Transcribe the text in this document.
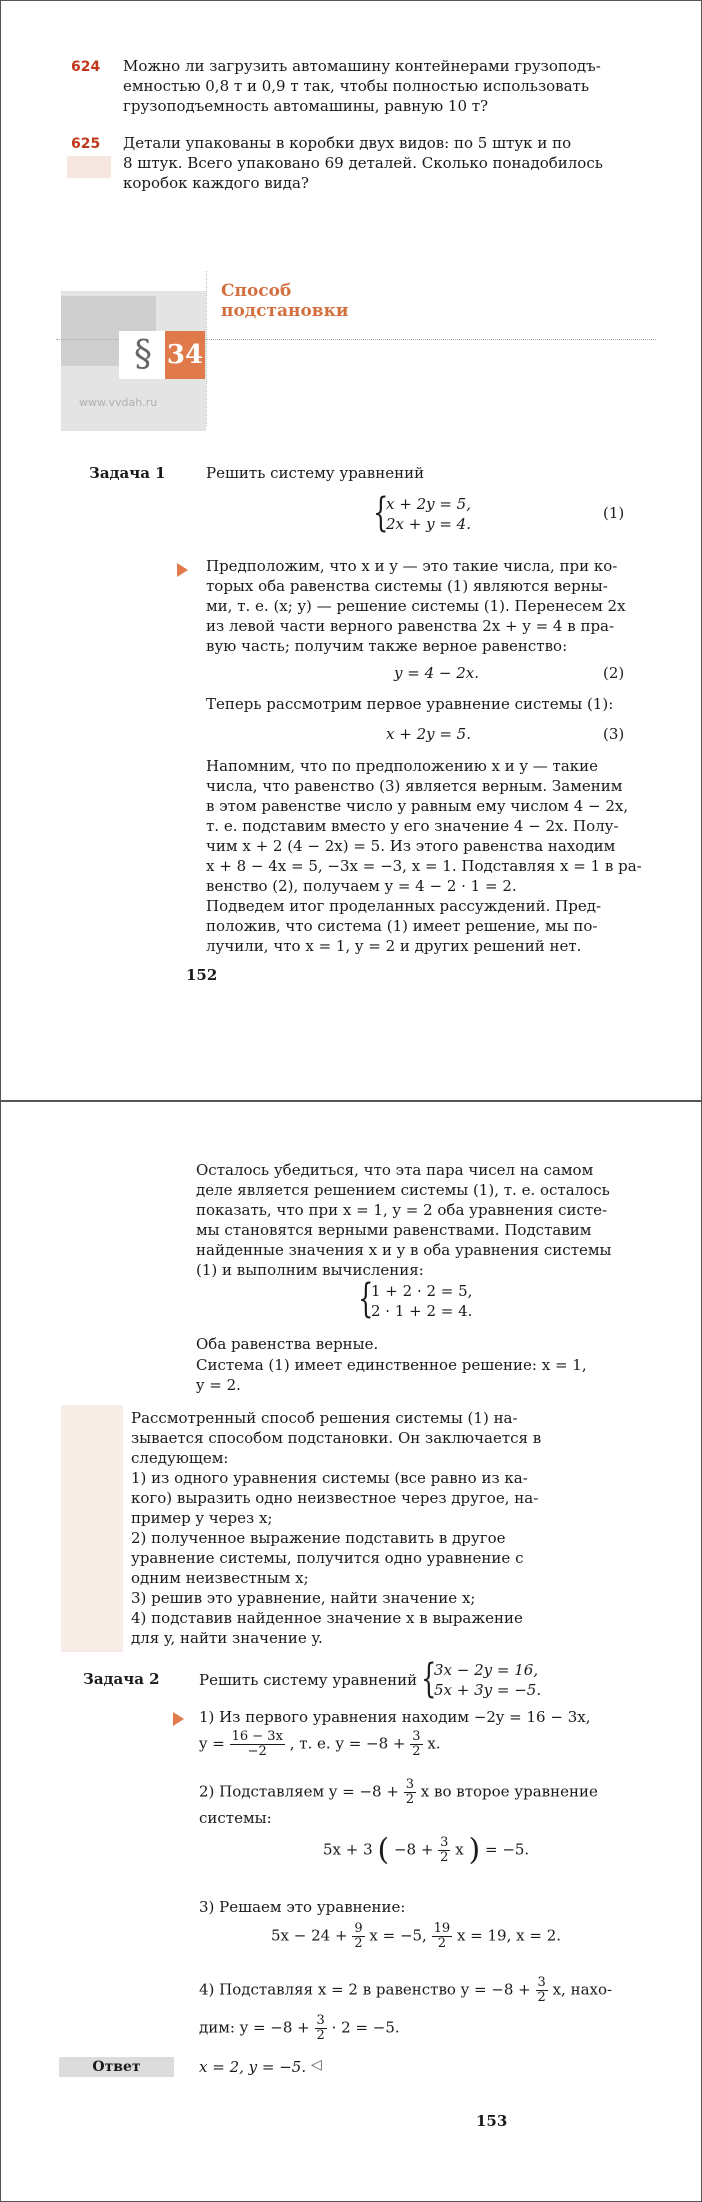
624 Можно ли загрузить автомашину контейнерами грузоподъ-
емностью 0,8 т и 0,9 т так, чтобы полностью использовать
грузоподъемность автомашины, равную 10 т?
625 Детали упакованы в коробки двух видов: по 5 штук и по
8 штук. Всего упаковано 69 деталей. Сколько понадобилось
коробок каждого вида?
§ 34
Способ
подстановки
www.vvdah.ru
Задача 1	Решить систему уравнений
{
x + 2y = 5,
2x + y = 4.
(1)
Предположим, что x и y — это такие числа, при ко-
торых оба равенства системы (1) являются верны-
ми, т. е. (x; y) — решение системы (1). Перенесем 2x
из левой части верного равенства 2x + y = 4 в пра-
вую часть; получим также верное равенство:
y = 4 − 2x.	(2)
Теперь рассмотрим первое уравнение системы (1):
x + 2y = 5.	(3)
Напомним, что по предположению x и y — такие
числа, что равенство (3) является верным. Заменим
в этом равенстве число y равным ему числом 4 − 2x,
т. е. подставим вместо y его значение 4 − 2x. Полу-
чим x + 2 (4 − 2x) = 5. Из этого равенства находим
x + 8 − 4x = 5, −3x = −3, x = 1. Подставляя x = 1 в ра-
венство (2), получаем y = 4 − 2 · 1 = 2.
Подведем итог проделанных рассуждений. Пред-
положив, что система (1) имеет решение, мы по-
лучили, что x = 1, y = 2 и других решений нет.
152
Осталось убедиться, что эта пара чисел на самом
деле является решением системы (1), т. е. осталось
показать, что при x = 1, y = 2 оба уравнения систе-
мы становятся верными равенствами. Подставим
найденные значения x и y в оба уравнения системы
(1) и выполним вычисления:
{
1 + 2 · 2 = 5,
2 · 1 + 2 = 4.
Оба равенства верные.
Система (1) имеет единственное решение: x = 1,
y = 2.
Рассмотренный способ решения системы (1) на-
зывается способом подстановки. Он заключается в
следующем:
1) из одного уравнения системы (все равно из ка-
кого) выразить одно неизвестное через другое, на-
пример y через x;
2) полученное выражение подставить в другое
уравнение системы, получится одно уравнение с
одним неизвестным x;
3) решив это уравнение, найти значение x;
4) подставив найденное значение x в выражение
для y, найти значение y.
Задача 2	Решить систему уравнений {
3x − 2y = 16,
5x + 3y = −5.
1) Из первого уравнения находим −2y = 16 − 3x,
$y = \frac{16 - 3x}{-2}$ , т. е. $y = -8 + \frac{3}{2} x$.
2) Подставляем $y = -8 + \frac{3}{2}$ x во второе уравнение
системы:
5x + 3 ( $-8 + \frac{3}{2}$ x ) = −5.
3) Решаем это уравнение:
$5x - 24 + \frac{9}{2}$ x = −5, $\frac{19}{2}$ x = 19, x = 2.
4) Подставляя x = 2 в равенство $y = -8 + \frac{3}{2} x$, нахо-
дим: $y = -8 + \frac{3}{2} \cdot 2 = -5$.
Ответ	x = 2, y = −5. ◁
153
